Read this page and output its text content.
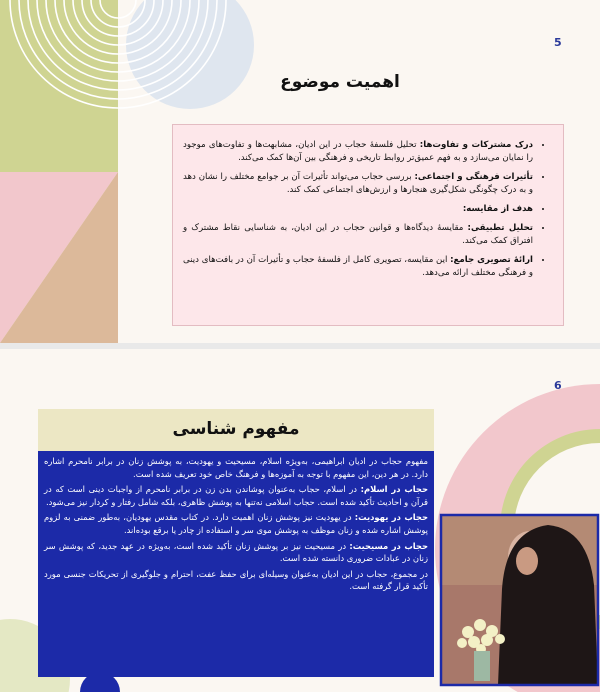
5
اهمیت موضوع
• درک مشترکات و تفاوت‌ها: تحلیل فلسفهٔ حجاب در این ادیان، مشابهت‌ها و تفاوت‌های موجود را نمایان می‌سازد و به فهم عمیق‌تر روابط تاریخی و فرهنگی بین آن‌ها کمک می‌کند.
• تأثیرات فرهنگی و اجتماعی: بررسی حجاب می‌تواند تأثیرات آن بر جوامع مختلف را نشان دهد و به درک چگونگی شکل‌گیری هنجارها و ارزش‌های اجتماعی کمک کند.
• هدف از مقایسه:
• تحلیل تطبیقی: مقایسهٔ دیدگاه‌ها و قوانین حجاب در این ادیان، به شناسایی نقاط مشترک و افتراق کمک می‌کند.
• ارائهٔ تصویری جامع: این مقایسه، تصویری کامل از فلسفهٔ حجاب و تأثیرات آن در بافت‌های دینی و فرهنگی مختلف ارائه می‌دهد.
6
مفهوم شناسی

مفهوم حجاب در ادیان ابراهیمی، به‌ویژه اسلام، مسیحیت و یهودیت، به پوشش زنان در برابر نامحرم اشاره دارد. در هر دین، این مفهوم با توجه به آموزه‌ها و فرهنگ خاص خود تعریف شده است.

حجاب در اسلام: در اسلام، حجاب به‌عنوان پوشاندن بدن زن در برابر نامحرم از واجبات دینی است که در قرآن و احادیث تأکید شده است. حجاب اسلامی نه‌تنها به پوشش ظاهری، بلکه شامل رفتار و کردار نیز می‌شود.

حجاب در یهودیت: در یهودیت نیز پوشش زنان اهمیت دارد. در کتاب مقدس یهودیان، به‌طور ضمنی به لزوم پوشش اشاره شده و زنان موظف به پوشش موی سر و استفاده از چادر یا برقع بوده‌اند.

حجاب در مسیحیت: در مسیحیت نیز بر پوشش زنان تأکید شده است، به‌ویژه در عهد جدید، که پوشش سر زنان در عبادات ضروری دانسته شده است.

در مجموع، حجاب در این ادیان به‌عنوان وسیله‌ای برای حفظ عفت، احترام و جلوگیری از تحریکات جنسی مورد تأکید قرار گرفته است.
